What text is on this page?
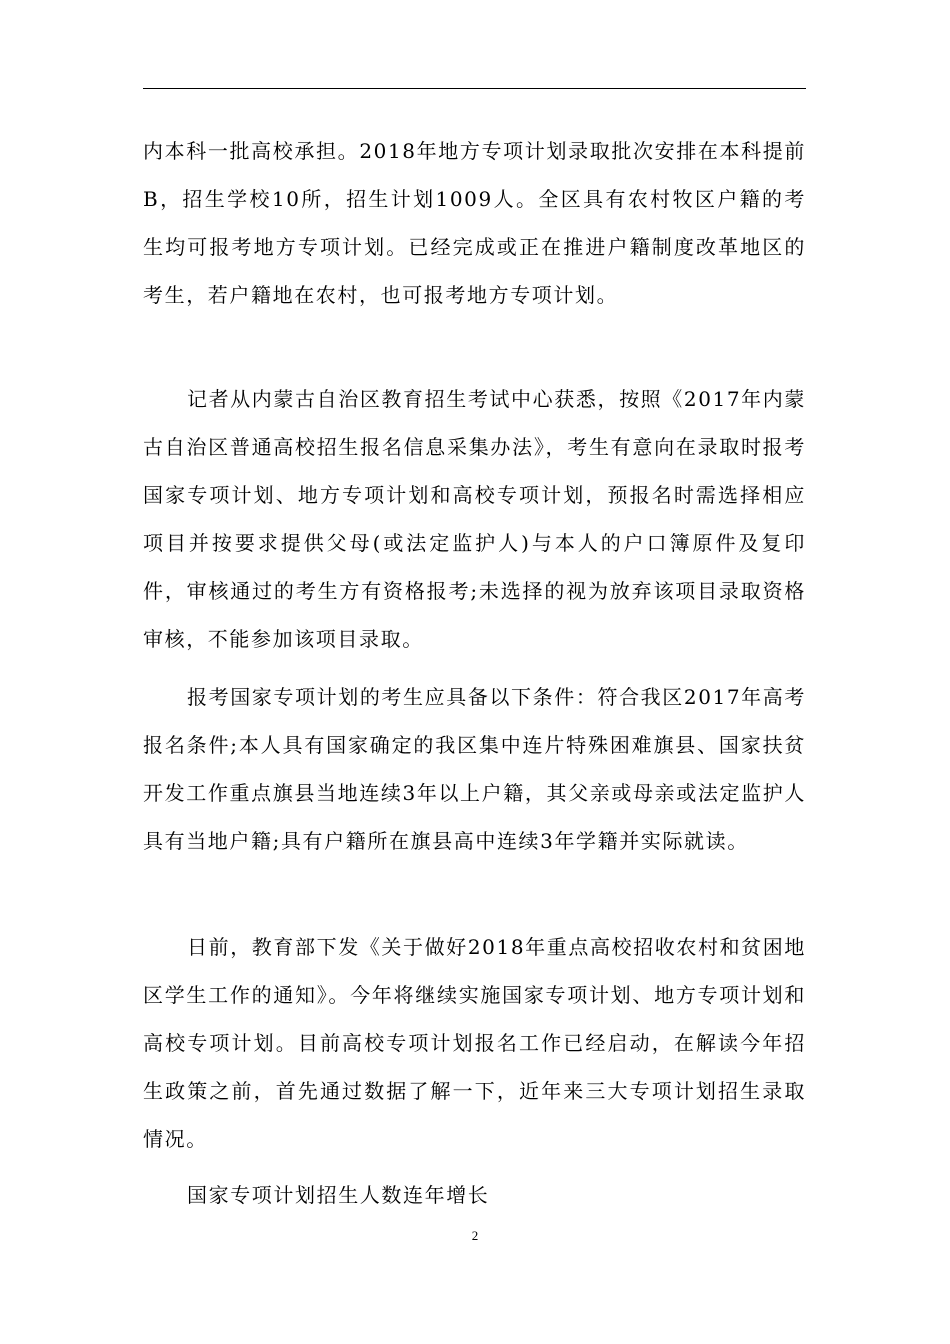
内本科一批高校承担。2018年地方专项计划录取批次安排在本科提前B，招生学校10所，招生计划1009人。全区具有农村牧区户籍的考生均可报考地方专项计划。已经完成或正在推进户籍制度改革地区的考生，若户籍地在农村，也可报考地方专项计划。

记者从内蒙古自治区教育招生考试中心获悉，按照《2017年内蒙古自治区普通高校招生报名信息采集办法》，考生有意向在录取时报考国家专项计划、地方专项计划和高校专项计划，预报名时需选择相应项目并按要求提供父母(或法定监护人)与本人的户口簿原件及复印件，审核通过的考生方有资格报考;未选择的视为放弃该项目录取资格审核，不能参加该项目录取。

报考国家专项计划的考生应具备以下条件：符合我区2017年高考报名条件;本人具有国家确定的我区集中连片特殊困难旗县、国家扶贫开发工作重点旗县当地连续3年以上户籍，其父亲或母亲或法定监护人具有当地户籍;具有户籍所在旗县高中连续3年学籍并实际就读。

日前，教育部下发《关于做好2018年重点高校招收农村和贫困地区学生工作的通知》。今年将继续实施国家专项计划、地方专项计划和高校专项计划。目前高校专项计划报名工作已经启动，在解读今年招生政策之前，首先通过数据了解一下，近年来三大专项计划招生录取情况。

国家专项计划招生人数连年增长

2
